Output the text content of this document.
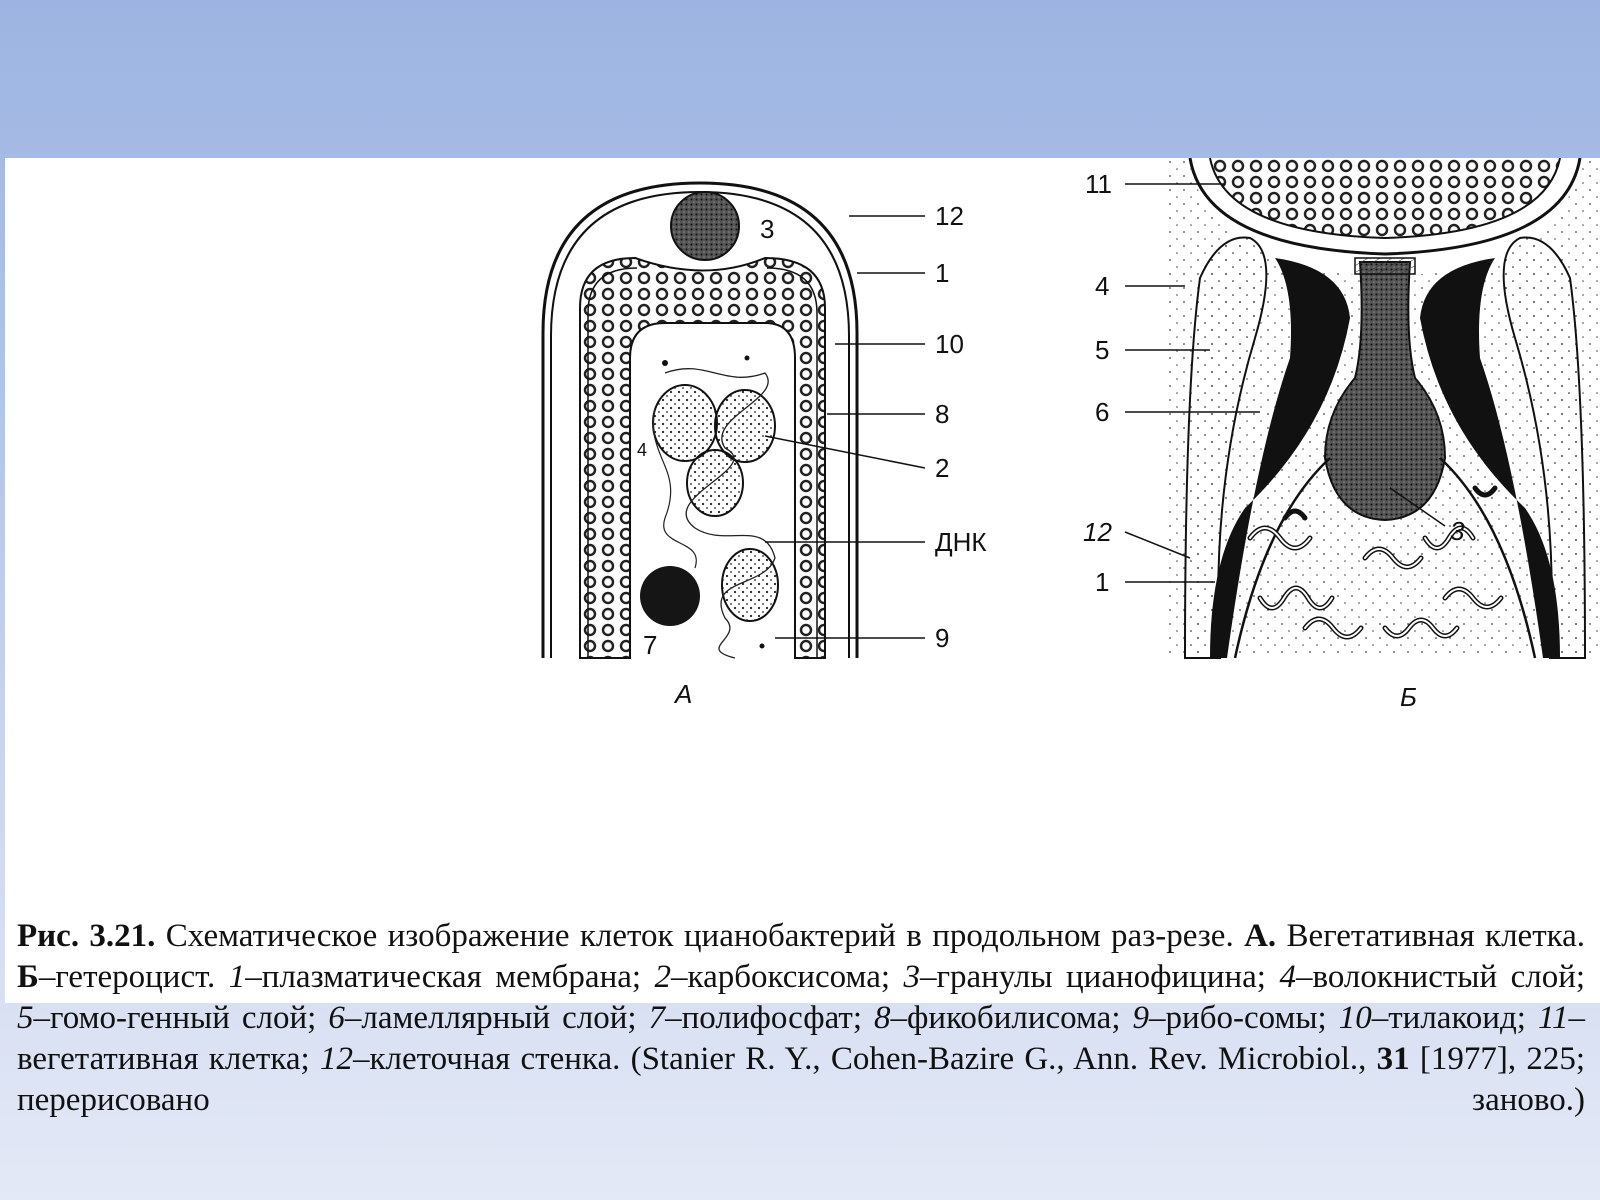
12
1
10
8
2
ДНК
9
3
4
7
А
11
4
5
6
12
1
3
Б

Рис. 3.21. Схематическое изображение клеток цианобактерий в продольном раз-резе. А. Вегетативная клетка. Б–гетероцист. 1–плазматическая мембрана; 2–карбоксисома; 3–гранулы цианофицина; 4–волокнистый слой; 5–гомо-генный слой; 6–ламеллярный слой; 7–полифосфат; 8–фикобилисома; 9–рибо-сомы; 10–тилакоид; 11–вегетативная клетка; 12–клеточная стенка. (Stanier R. Y., Cohen-Bazire G., Ann. Rev. Microbiol., 31 [1977], 225; перерисовано заново.)
